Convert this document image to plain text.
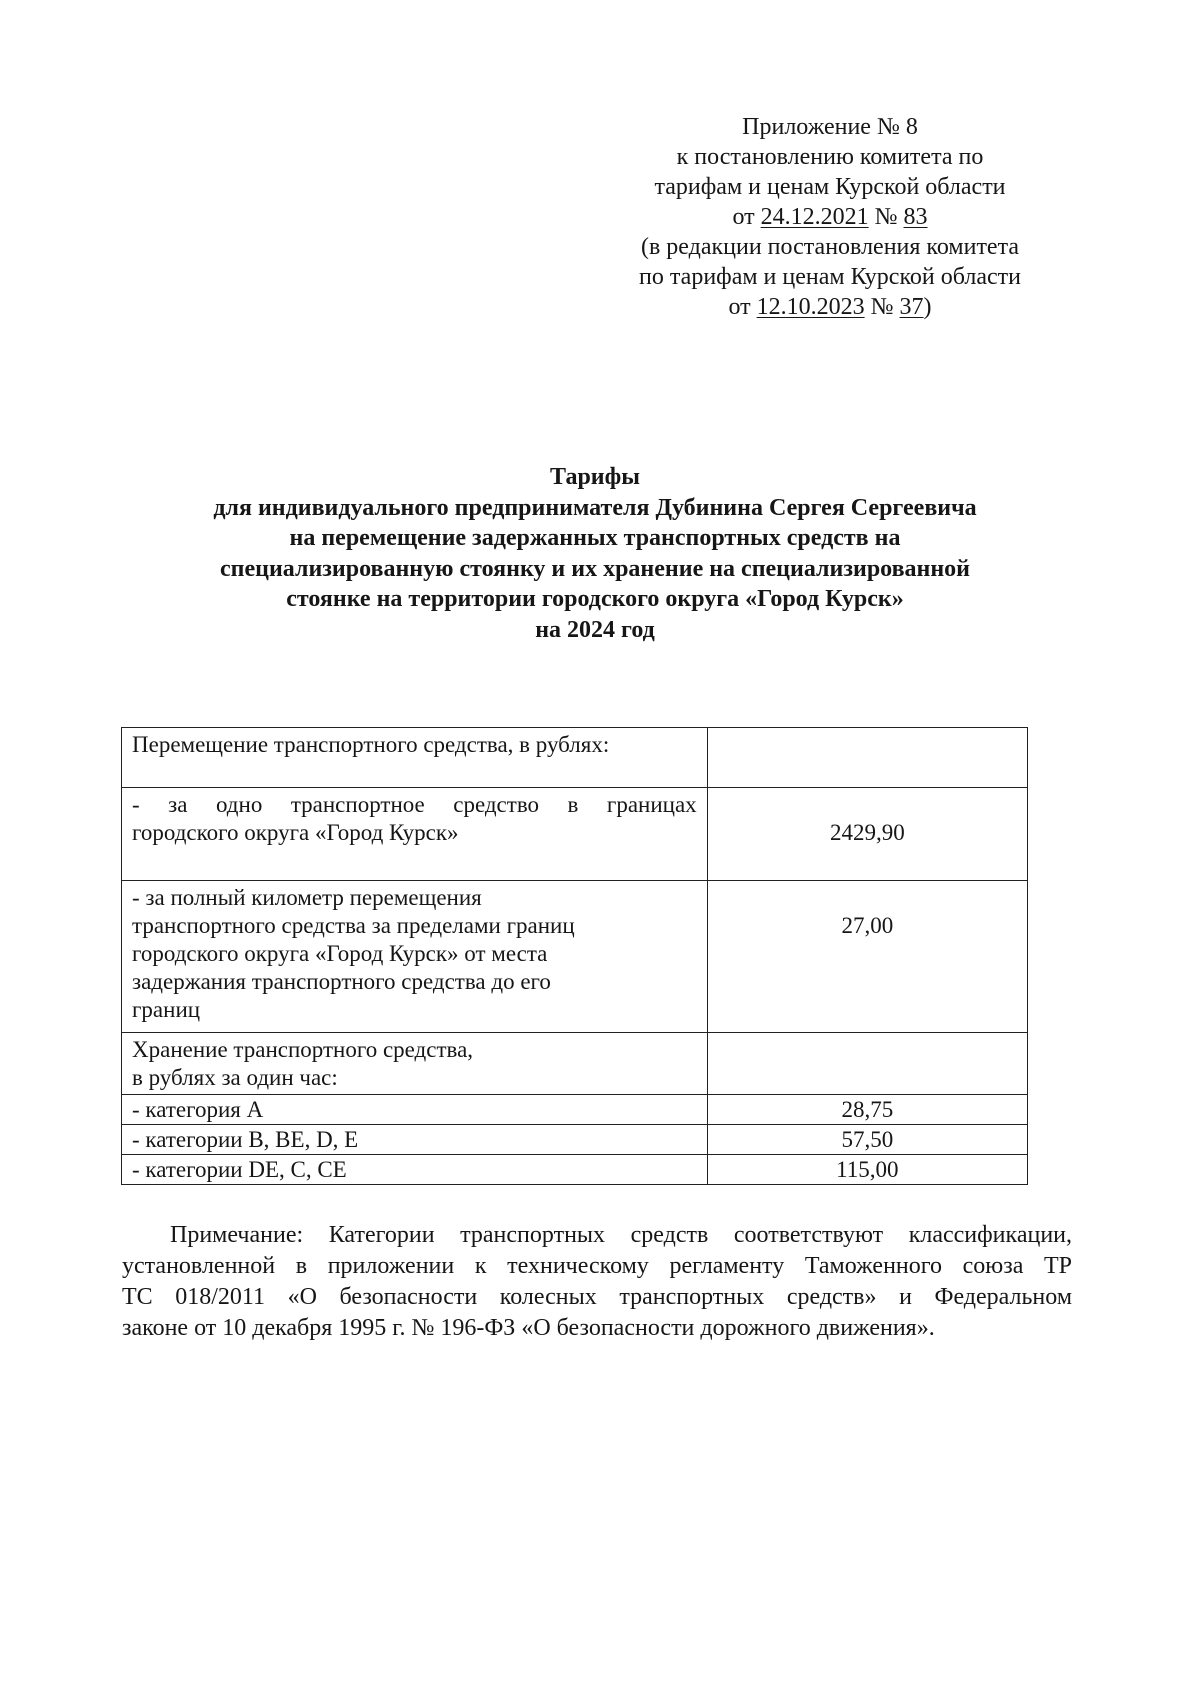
Приложение № 8
к постановлению комитета по
тарифам и ценам Курской области
от 24.12.2021 № 83
(в редакции постановления комитета
по тарифам и ценам Курской области
от 12.10.2023 № 37)
Тарифы
для индивидуального предпринимателя Дубинина Сергея Сергеевича
на перемещение задержанных транспортных средств на
специализированную стоянку и их хранение на специализированной
стоянке на территории городского округа «Город Курск»
на 2024 год
Перемещение транспортного средства, в рублях:	

- за одно транспортное средство в границах
городского округа «Город Курск»	2429,90

- за полный километр перемещения
транспортного средства за пределами границ
городского округа «Город Курск» от места
задержания транспортного средства до его
границ	27,00

Хранение транспортного средства,
в рублях за один час:	

- категория А	28,75
- категории B, BE, D, E	57,50
- категории DE, C, CE	115,00
Примечание: Категории транспортных средств соответствуют классификации,
установленной в приложении к техническому регламенту Таможенного союза ТР
ТС 018/2011 «О безопасности колесных транспортных средств» и Федеральном
законе от 10 декабря 1995 г. № 196-ФЗ «О безопасности дорожного движения».
